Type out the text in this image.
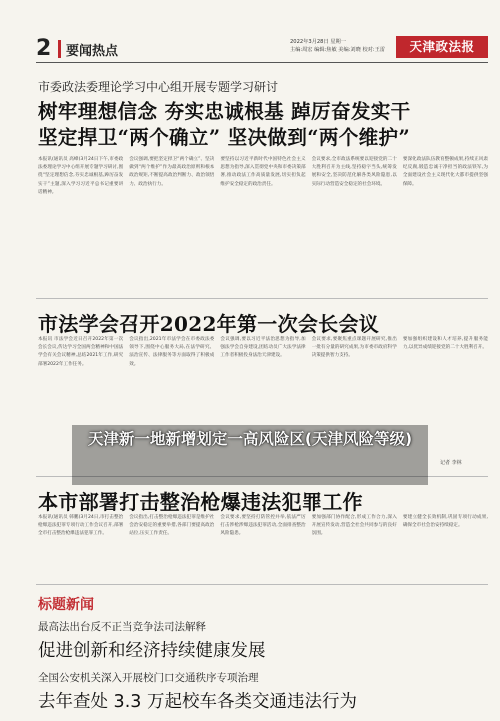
2 要闻热点
2022年3月28日 星期一
主编:周宏 编辑:焦敏 美编:刘晓 校对:王雷	天津政法报
市委政法委理论学习中心组开展专题学习研讨
树牢理想信念 夯实忠诚根基 踔厉奋发实干
坚定捍卫“两个确立” 坚决做到“两个维护”
本报讯(通讯员 高峰)3月24日下午,市委政法委理论学习中心组开展专题学习研讨,围绕“坚定理想信念,夯实忠诚根基,踔厉奋发实干”主题,深入学习习近平总书记重要讲话精神。
会议强调,要把坚定捍卫“两个确立”、坚决做到“两个维护”作为最高政治原则和根本政治规矩,不断提高政治判断力、政治领悟力、政治执行力。
要坚持以习近平新时代中国特色社会主义思想为指导,深入贯彻党中央和市委决策部署,推动政法工作高质量发展,切实担负起维护安全稳定的政治责任。
会议要求,全市政法系统要以迎接党的二十大胜利召开为主线,坚持稳字当头,统筹发展和安全,坚决防范化解各类风险隐患,以实际行动营造安全稳定的社会环境。
要深化政法队伍教育整顿成果,持续正风肃纪反腐,锻造忠诚干净担当的政法铁军,为全面建设社会主义现代化大都市提供坚强保障。
市法学会召开2022年第一次会长会议
本报讯 市法学会近日召开2022年第一次会长会议,传达学习全国两会精神和中国法学会有关会议精神,总结2021年工作,研究部署2022年工作任务。
会议指出,2021年市法学会在市委政法委领导下,围绕中心服务大局,在法学研究、法治宣传、法律服务等方面取得了积极成效。
会议强调,要以习近平法治思想为指导,加强法学会自身建设,团结动员广大法学法律工作者积极投身法治天津建设。
会议要求,要聚焦重点课题开展研究,推出一批有分量的研究成果,为市委市政府科学决策提供智力支持。
要加强组织建设和人才培养,提升服务能力,以优异成绩迎接党的二十大胜利召开。
记者 李林
天津新一地新增划定一高风险区(天津风险等级)
本市部署打击整治枪爆违法犯罪工作
本报讯(通讯员 韩鹏)3月24日,市打击整治枪爆违法犯罪专项行动工作会议召开,部署全市打击整治枪爆违法犯罪工作。
会议指出,打击整治枪爆违法犯罪是维护社会治安稳定的重要举措,各部门要提高政治站位,压实工作责任。
会议要求,要坚持打防管控并举,依法严厉打击涉枪涉爆违法犯罪活动,全面排查整治风险隐患。
要加强部门协作配合,形成工作合力,深入开展宣传发动,营造全社会共同参与的良好氛围。
要建立健全长效机制,巩固专项行动成果,确保全市社会治安持续稳定。
标题新闻
最高法出台反不正当竞争法司法解释
促进创新和经济持续健康发展
全国公安机关深入开展校门口交通秩序专项治理
去年查处 3.3 万起校车各类交通违法行为
